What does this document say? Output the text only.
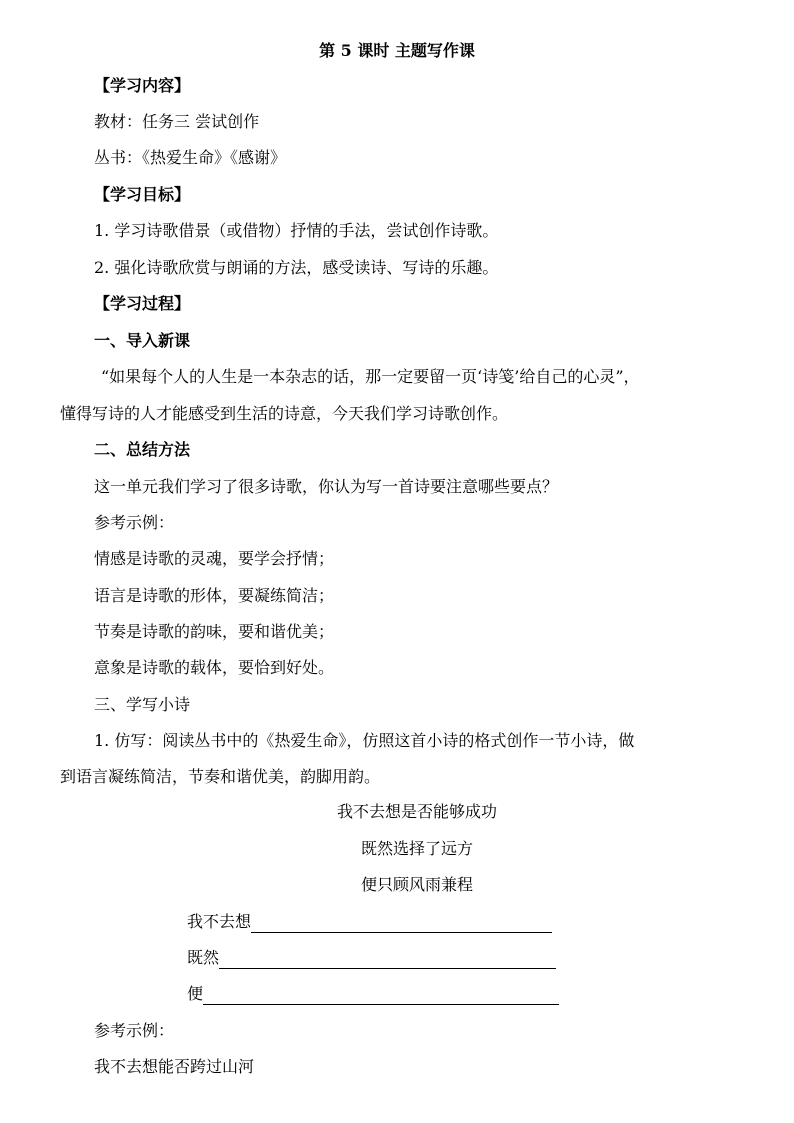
第 5 课时 主题写作课
【学习内容】
教材：任务三 尝试创作
丛书：《热爱生命》《感谢》
【学习目标】
1. 学习诗歌借景（或借物）抒情的手法，尝试创作诗歌。
2. 强化诗歌欣赏与朗诵的方法，感受读诗、写诗的乐趣。
【学习过程】
一、导入新课
“如果每个人的人生是一本杂志的话，那一定要留一页‘诗笺’给自己的心灵”，
懂得写诗的人才能感受到生活的诗意，今天我们学习诗歌创作。
二、总结方法
这一单元我们学习了很多诗歌，你认为写一首诗要注意哪些要点？
参考示例：
情感是诗歌的灵魂，要学会抒情；
语言是诗歌的形体，要凝练简洁；
节奏是诗歌的韵味，要和谐优美；
意象是诗歌的载体，要恰到好处。
三、学写小诗
1. 仿写：阅读丛书中的《热爱生命》，仿照这首小诗的格式创作一节小诗，做
到语言凝练简洁，节奏和谐优美，韵脚用韵。
我不去想是否能够成功
既然选择了远方
便只顾风雨兼程
我不去想
既然
便
参考示例：
我不去想能否跨过山河
